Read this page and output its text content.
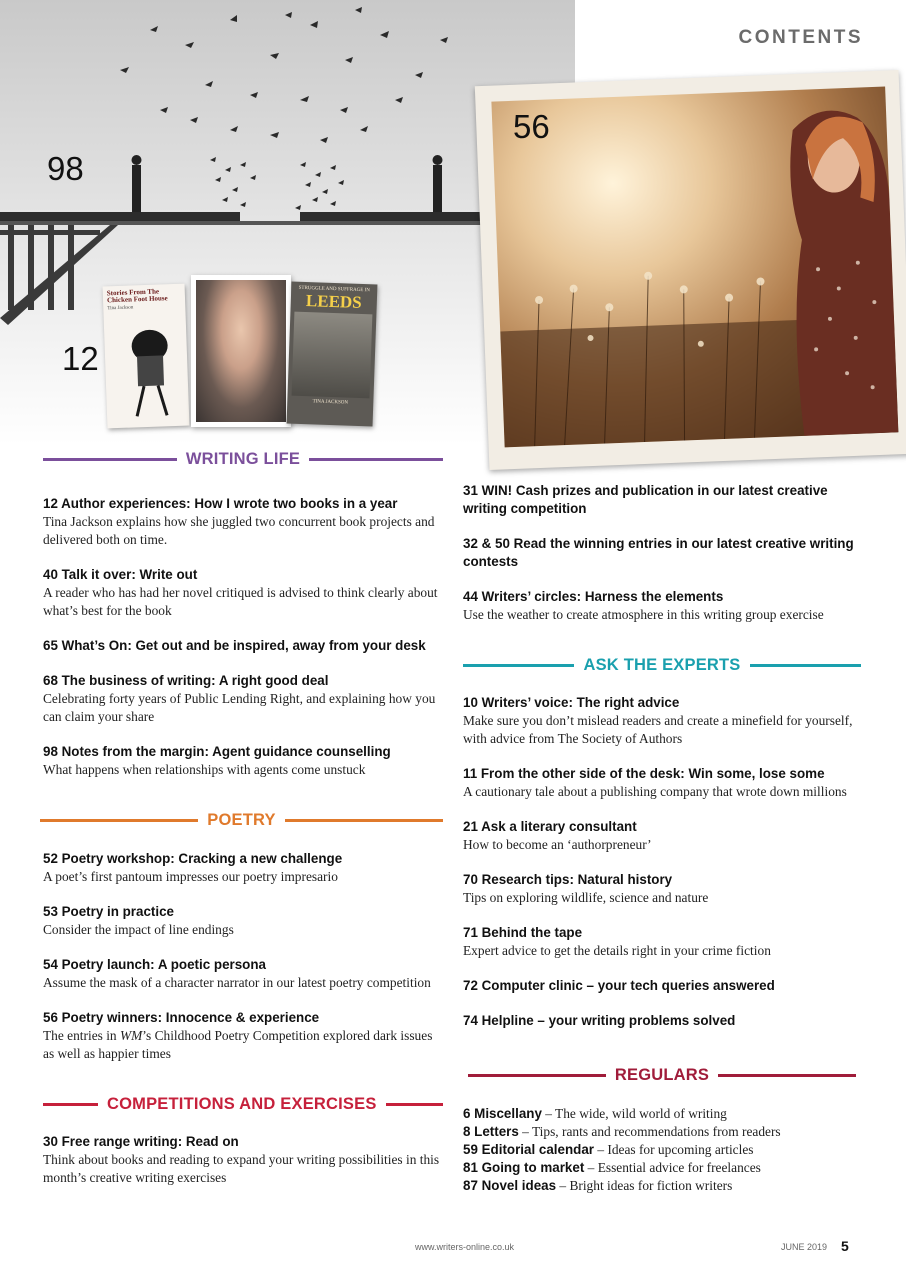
98
CONTENTS
56
Stories From The Chicken Foot House
Tina Jackson
STRUGGLE AND SUFFRAGE IN
LEEDS
TINA JACKSON
12
WRITING LIFE
12 Author experiences: How I wrote two books in a year

Tina Jackson explains how she juggled two concurrent book projects and delivered both on time.

40 Talk it over: Write out

A reader who has had her novel critiqued is advised to think clearly about what’s best for the book

65 What’s On: Get out and be inspired, away from your desk
68 The business of writing: A right good deal

Celebrating forty years of Public Lending Right, and explaining how you can claim your share

98 Notes from the margin: Agent guidance counselling

What happens when relationships with agents come unstuck

POETRY
52 Poetry workshop: Cracking a new challenge

A poet’s first pantoum impresses our poetry impresario

53 Poetry in practice

Consider the impact of line endings

54 Poetry launch: A poetic persona

Assume the mask of a character narrator in our latest poetry competition

56 Poetry winners: Innocence & experience

The entries in WM’s Childhood Poetry Competition explored dark issues as well as happier times

COMPETITIONS AND EXERCISES
30 Free range writing: Read on

Think about books and reading to expand your writing possibilities in this month’s creative writing exercises

31 WIN! Cash prizes and publication in our latest creative writing competition
32 & 50 Read the winning entries in our latest creative writing contests
44 Writers’ circles: Harness the elements

Use the weather to create atmosphere in this writing group exercise

ASK THE EXPERTS
10 Writers’ voice: The right advice

Make sure you don’t mislead readers and create a minefield for yourself, with advice from The Society of Authors

11 From the other side of the desk: Win some, lose some

A cautionary tale about a publishing company that wrote down millions

21 Ask a literary consultant

How to become an ‘authorpreneur’

70 Research tips: Natural history

Tips on exploring wildlife, science and nature

71 Behind the tape

Expert advice to get the details right in your crime fiction

72 Computer clinic – your tech queries answered
74 Helpline – your writing problems solved
REGULARS
6 Miscellany – The wide, wild world of writing
8 Letters – Tips, rants and recommendations from readers
59 Editorial calendar – Ideas for upcoming articles
81 Going to market – Essential advice for freelances
87 Novel ideas – Bright ideas for fiction writers
www.writers-online.co.uk	JUNE 2019 5
